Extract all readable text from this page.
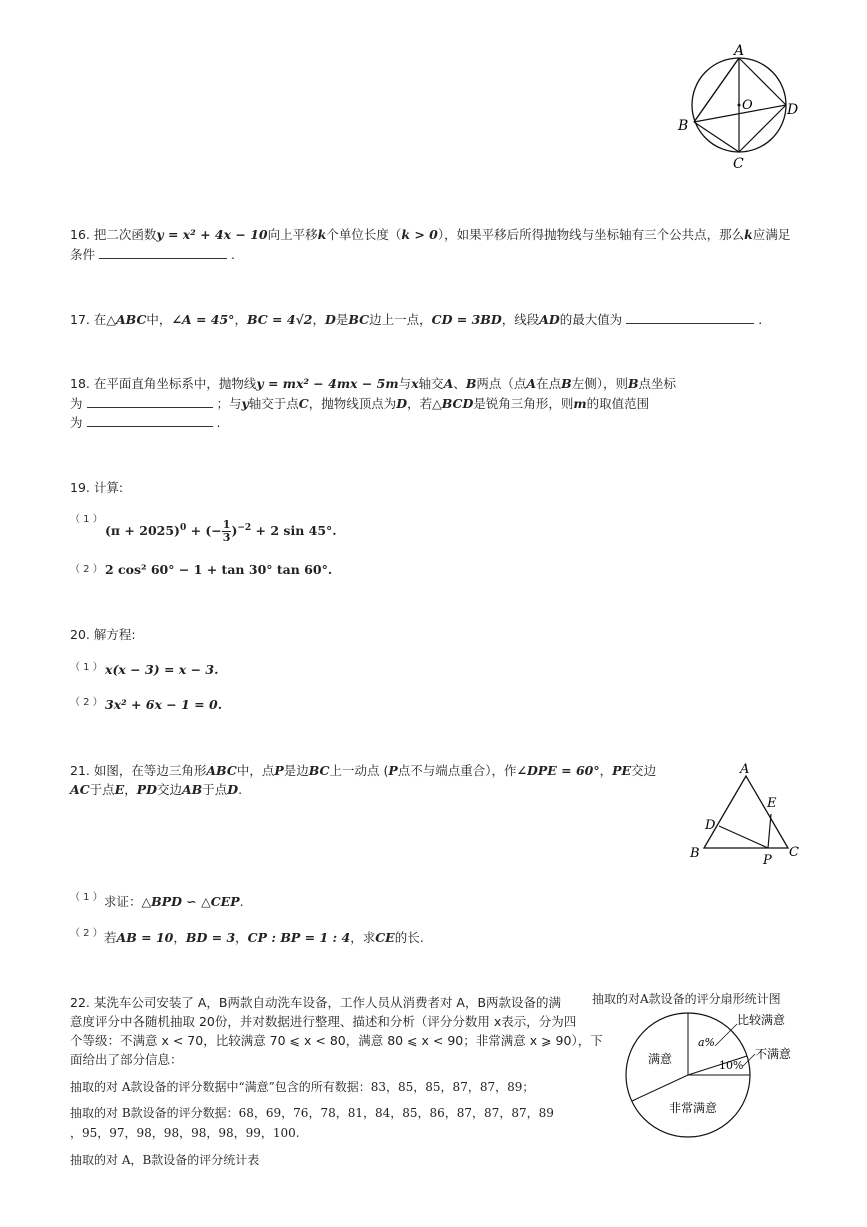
A
B
C
D
O
16. 把二次函数y = x² + 4x − 10向上平移k个单位长度（k > 0），如果平移后所得抛物线与坐标轴有三个公共点，那么k应满足
条件	.
17. 在△ABC中，∠A = 45°，BC = 4√2，D是BC边上一点，CD = 3BD，线段AD的最大值为	.
18. 在平面直角坐标系中，抛物线y = mx² − 4mx − 5m与x轴交A、B两点（点A在点B左侧），则B点坐标
为	；与y轴交于点C，抛物线顶点为D，若△BCD是锐角三角形，则m的取值范围
为	.
19. 计算:
（ 1 ）
$(\pi + 2025)^0$ + (− $\frac{1}{3} )^{-2} + 2$ sin 45°.
（ 2 ） 2 cos² 60° − 1 + tan 30° tan 60°.
20. 解方程:
（ 1 ） x(x − 3) = x − 3.
（ 2 ） 3x² + 6x − 1 = 0.
21. 如图，在等边三角形ABC中，点P是边BC上一动点 (P点不与端点重合），作∠DPE = 60°，PE交边
AC于点E，PD交边AB于点D.
A
B	C
D
E
P
（ 1 ） 求证：△BPD ∽ △CEP.
（ 2 ） 若AB = 10，BD = 3，CP : BP = 1 : 4，求CE的长.
22. 某洗车公司安装了 A，B两款自动洗车设备，工作人员从消费者对 A，B两款设备的满
意度评分中各随机抽取 20份，并对数据进行整理、描述和分析（评分分数用 x表示，分为四
个等级：不满意 x < 70，比较满意 70 ⩽ x < 80，满意 80 ⩽ x < 90；非常满意 x ⩾ 90），下
面给出了部分信息：
抽取的对 A款设备的评分数据中“满意”包含的所有数据：83，85，85，87，87，89；
抽取的对 B款设备的评分数据：68，69，76，78，81，84，85，86，87，87，87，89
，95，97，98，98，98，98，99，100.
抽取的对 A，B款设备的评分统计表
抽取的对A款设备的评分扇形统计图
满意
a%
比较满意
不满意
10%
非常满意
